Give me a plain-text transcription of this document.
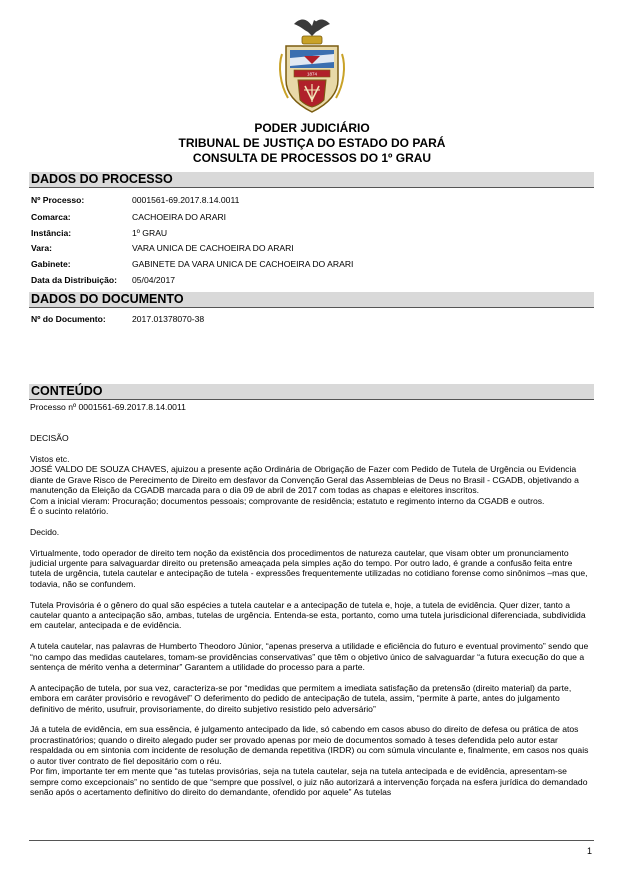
1874
PODER JUDICIÁRIO
TRIBUNAL DE JUSTIÇA DO ESTADO DO PARÁ
CONSULTA DE PROCESSOS DO 1º GRAU
DADOS DO PROCESSO
Nº Processo:	0001561-69.2017.8.14.0011
Comarca:	CACHOEIRA DO ARARI
Instância:	1º GRAU
Vara:	VARA UNICA DE CACHOEIRA DO ARARI
Gabinete:	GABINETE DA VARA UNICA DE CACHOEIRA DO ARARI
Data da Distribuição: 05/04/2017
DADOS DO DOCUMENTO
Nº do Documento:	2017.01378070-38
CONTEÚDO

Processo nº 0001561-69.2017.8.14.0011

DECISÃO

Vistos etc.

JOSÉ VALDO DE SOUZA CHAVES, ajuizou a presente ação Ordinária de Obrigação de Fazer com Pedido de Tutela de Urgência ou Evidencia diante de Grave Risco de Perecimento de Direito em desfavor da Convenção Geral das Assembleias de Deus no Brasil - CGADB, objetivando a manutenção da Eleição da CGADB marcada para o dia 09 de abril de 2017 com todas as chapas e eleitores inscritos.

Com a inicial vieram: Procuração; documentos pessoais; comprovante de residência; estatuto e regimento interno da CGADB e outros.

É o sucinto relatório.

Decido.

Virtualmente, todo operador de direito tem noção da existência dos procedimentos de natureza cautelar, que visam obter um pronunciamento judicial urgente para salvaguardar direito ou pretensão ameaçada pela simples ação do tempo. Por outro lado, é grande a confusão feita entre tutela de urgência, tutela cautelar e antecipação de tutela - expressões frequentemente utilizadas no cotidiano forense como sinônimos –mas que, todavia, não se confundem.

Tutela Provisória é o gênero do qual são espécies a tutela cautelar e a antecipação de tutela e, hoje, a tutela de evidência. Quer dizer, tanto a cautelar quanto a antecipação são, ambas, tutelas de urgência. Entenda-se esta, portanto, como uma tutela jurisdicional diferenciada, subdividida em cautelar, antecipada e de evidência.

A tutela cautelar, nas palavras de Humberto Theodoro Júnior, “apenas preserva a utilidade e eficiência do futuro e eventual provimento” sendo que “no campo das medidas cautelares, tomam-se providências conservativas” que têm o objetivo único de salvaguardar “a futura execução do que a sentença de mérito venha a determinar” Garantem a utilidade do processo para a parte.

A antecipação de tutela, por sua vez, caracteriza-se por “medidas que permitem a imediata satisfação da pretensão (direito material) da parte, embora em caráter provisório e revogável” O deferimento do pedido de antecipação de tutela, assim, “permite à parte, antes do julgamento definitivo de mérito, usufruir, provisoriamente, do direito subjetivo resistido pelo adversário”

Já a tutela de evidência, em sua essência, é julgamento antecipado da lide, só cabendo em casos abuso do direito de defesa ou prática de atos procrastinatórios; quando o direito alegado puder ser provado apenas por meio de documentos somado à teses defendida pelo autor estar respaldada ou em sintonia com incidente de resolução de demanda repetitiva (IRDR) ou com súmula vinculante e, finalmente, em casos nos quais o autor tiver contrato de fiel depositário com o réu.

Por fim, importante ter em mente que “as tutelas provisórias, seja na tutela cautelar, seja na tutela antecipada e de evidência, apresentam-se sempre como excepcionais” no sentido de que “sempre que possível, o juiz não autorizará a intervenção forçada na esfera jurídica do demandado senão após o acertamento definitivo do direito do demandante, ofendido por aquele” As tutelas

1
